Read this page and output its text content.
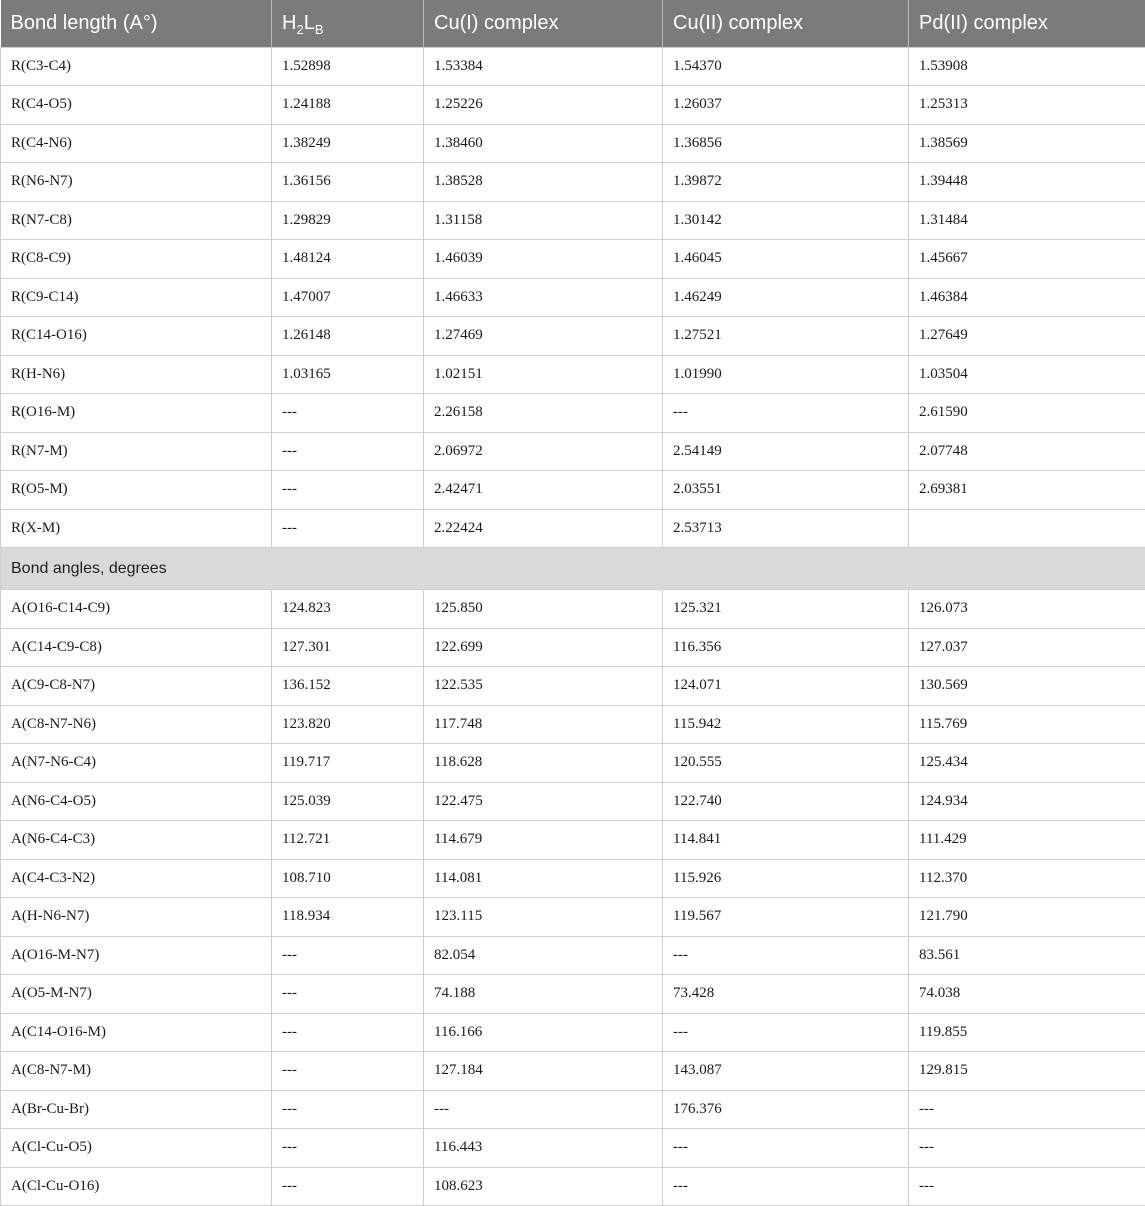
Bond length (A°)	$H_2L_B$	Cu(I) complex	Cu(II) complex	Pd(II) complex
R(C3-C4)	1.52898	1.53384	1.54370	1.53908
R(C4-O5)	1.24188	1.25226	1.26037	1.25313
R(C4-N6)	1.38249	1.38460	1.36856	1.38569
R(N6-N7)	1.36156	1.38528	1.39872	1.39448
R(N7-C8)	1.29829	1.31158	1.30142	1.31484
R(C8-C9)	1.48124	1.46039	1.46045	1.45667
R(C9-C14)	1.47007	1.46633	1.46249	1.46384
R(C14-O16)	1.26148	1.27469	1.27521	1.27649
R(H-N6)	1.03165	1.02151	1.01990	1.03504
R(O16-M)	---	2.26158	---	2.61590
R(N7-M)	---	2.06972	2.54149	2.07748
R(O5-M)	---	2.42471	2.03551	2.69381
R(X-M)	---	2.22424	2.53713	
Bond angles, degrees				
A(O16-C14-C9)	124.823	125.850	125.321	126.073
A(C14-C9-C8)	127.301	122.699	116.356	127.037
A(C9-C8-N7)	136.152	122.535	124.071	130.569
A(C8-N7-N6)	123.820	117.748	115.942	115.769
A(N7-N6-C4)	119.717	118.628	120.555	125.434
A(N6-C4-O5)	125.039	122.475	122.740	124.934
A(N6-C4-C3)	112.721	114.679	114.841	111.429
A(C4-C3-N2)	108.710	114.081	115.926	112.370
A(H-N6-N7)	118.934	123.115	119.567	121.790
A(O16-M-N7)	---	82.054	---	83.561
A(O5-M-N7)	---	74.188	73.428	74.038
A(C14-O16-M)	---	116.166	---	119.855
A(C8-N7-M)	---	127.184	143.087	129.815
A(Br-Cu-Br)	---	---	176.376	---
A(Cl-Cu-O5)	---	116.443	---	---
A(Cl-Cu-O16)	---	108.623	---	---
